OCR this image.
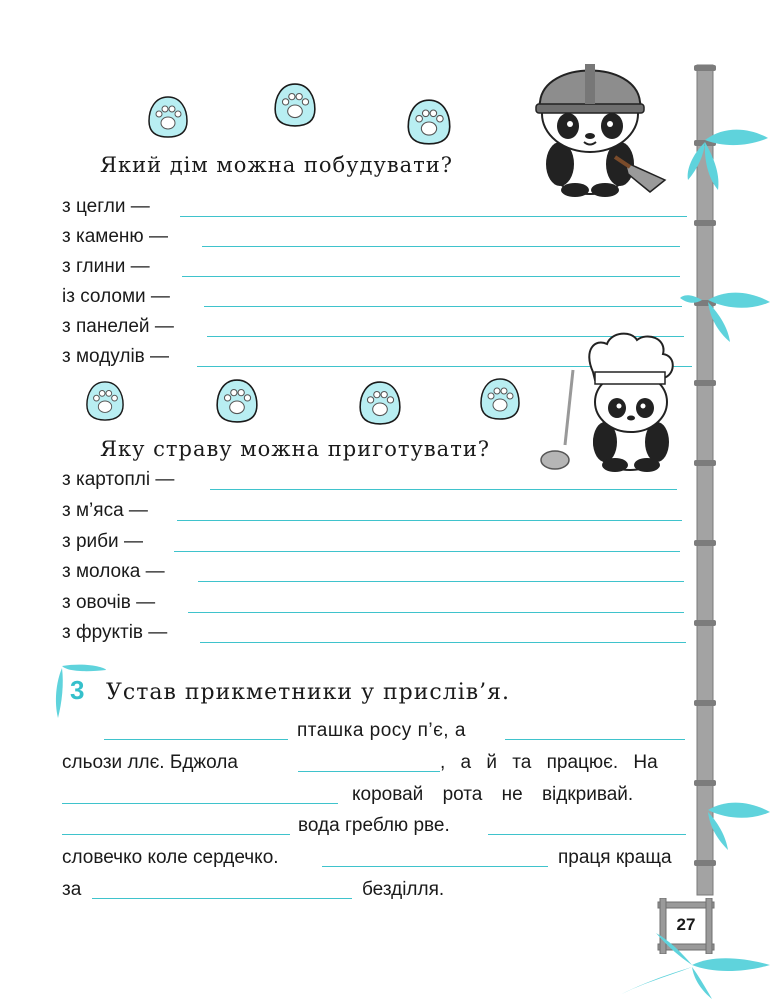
Який дім можна побудувати?
з цегли —
з каменю —
з глини —
із соломи —
з панелей —
з модулів —
Яку страву можна приготувати?
з картоплі —
з м’яса —
з риби —
з молока —
з овочів —
з фруктів —
3 Устав прикметники у прислів’я.
пташка росу п’є, а
сльози ллє. Бджола	, а й та працює. На
коровай рота не відкривай.
вода греблю рве.
словечко коле сердечко.	праця краща
за	безділля.
27
